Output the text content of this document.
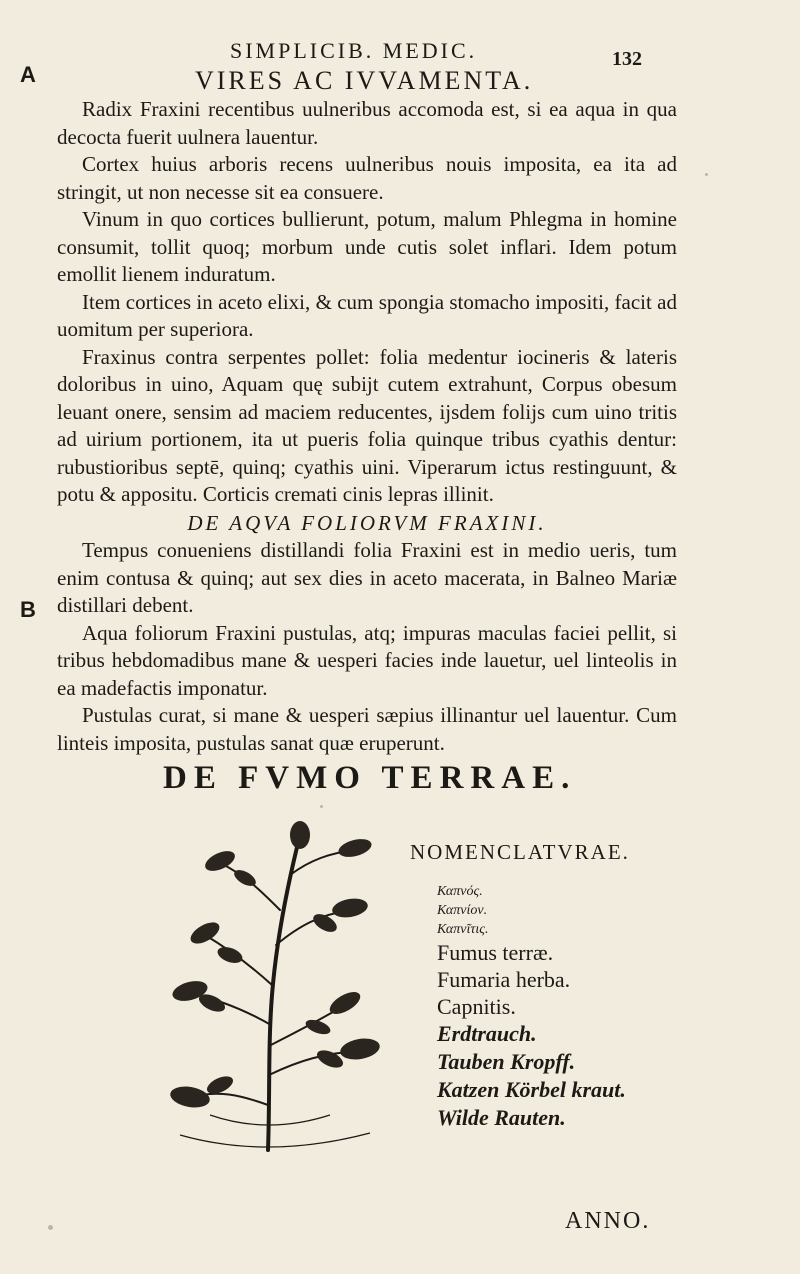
A
B
SIMPLICIB. MEDIC.	132
VIRES AC IVVAMENTA.

Radix Fraxini recentibus uulneribus accomoda est, si ea aqua in qua decocta fuerit uulnera lauentur.

Cortex huius arboris recens uulneribus nouis imposita, ea ita ad stringit, ut non necesse sit ea consuere.

Vinum in quo cortices bullierunt, potum, malum Phlegma in homine consumit, tollit quoq; morbum unde cutis solet inflari. Idem potum emollit lienem induratum.

Item cortices in aceto elixi, & cum spongia stomacho impositi, facit ad uomitum per superiora.

Fraxinus contra serpentes pollet: folia medentur iocineris & lateris doloribus in uino, Aquam quę subijt cutem extrahunt, Corpus obesum leuant onere, sensim ad maciem reducentes, ijsdem folijs cum uino tritis ad uirium portionem, ita ut pueris folia quinque tribus cyathis dentur: rubustioribus septē, quinq; cyathis uini. Viperarum ictus restinguunt, & potu & appositu. Corticis cremati cinis lepras illinit.

DE AQVA FOLIORVM FRAXINI.

Tempus conueniens distillandi folia Fraxini est in medio ueris, tum enim contusa & quinq; aut sex dies in aceto macerata, in Balneo Mariæ distillari debent.

Aqua foliorum Fraxini pustulas, atq; impuras maculas faciei pellit, si tribus hebdomadibus mane & uesperi facies inde lauetur, uel linteolis in ea madefactis imponatur.

Pustulas curat, si mane & uesperi sæpius illinantur uel lauentur. Cum linteis imposita, pustulas sanat quæ eruperunt.

DE FVMO TERRAE.
NOMENCLATVRAE.
Καπνός.
Καπνίον.
Καπνῖτις.
Fumus terræ.
Fumaria herba.
Capnitis.
Erdtrauch.
Tauben Kropff.
Katzen Körbel kraut.
Wilde Rauten.
ANNO.
